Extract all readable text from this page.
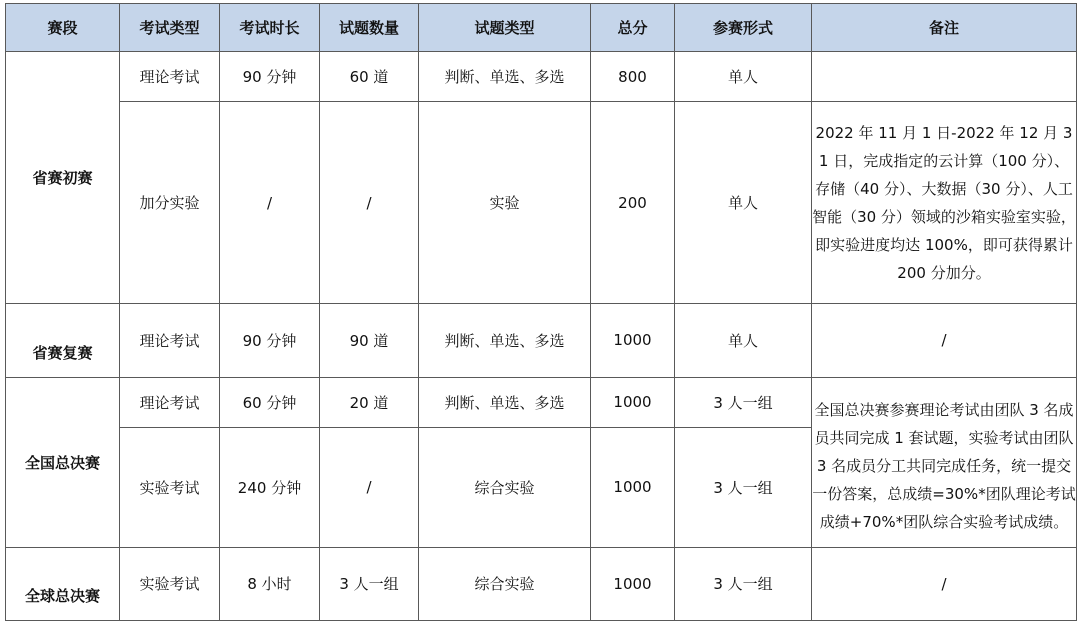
赛段	考试类型	考试时长	试题数量	试题类型	总分	参赛形式	备注
省赛初赛	理论考试	90 分钟	60 道	判断、单选、多选	800	单人	
	加分实验	/	/	实验	200	单人	2022 年 11 月 1 日-2022 年 12 月 31 日，完成指定的云计算（100 分）、存储（40 分）、大数据（30 分）、人工智能（30 分）领域的沙箱实验室实验，即实验进度均达 100%，即可获得累计 200 分加分。
省赛复赛	理论考试	90 分钟	90 道	判断、单选、多选	1000	单人	/
全国总决赛	理论考试	60 分钟	20 道	判断、单选、多选	1000	3 人一组	全国总决赛参赛理论考试由团队 3 名成员共同完成 1 套试题，实验考试由团队 3 名成员分工共同完成任务，统一提交一份答案，总成绩=30%*团队理论考试成绩+70%*团队综合实验考试成绩。
	实验考试	240 分钟	/	综合实验	1000	3 人一组	
全球总决赛	实验考试	8 小时	3 人一组	综合实验	1000	3 人一组	/
